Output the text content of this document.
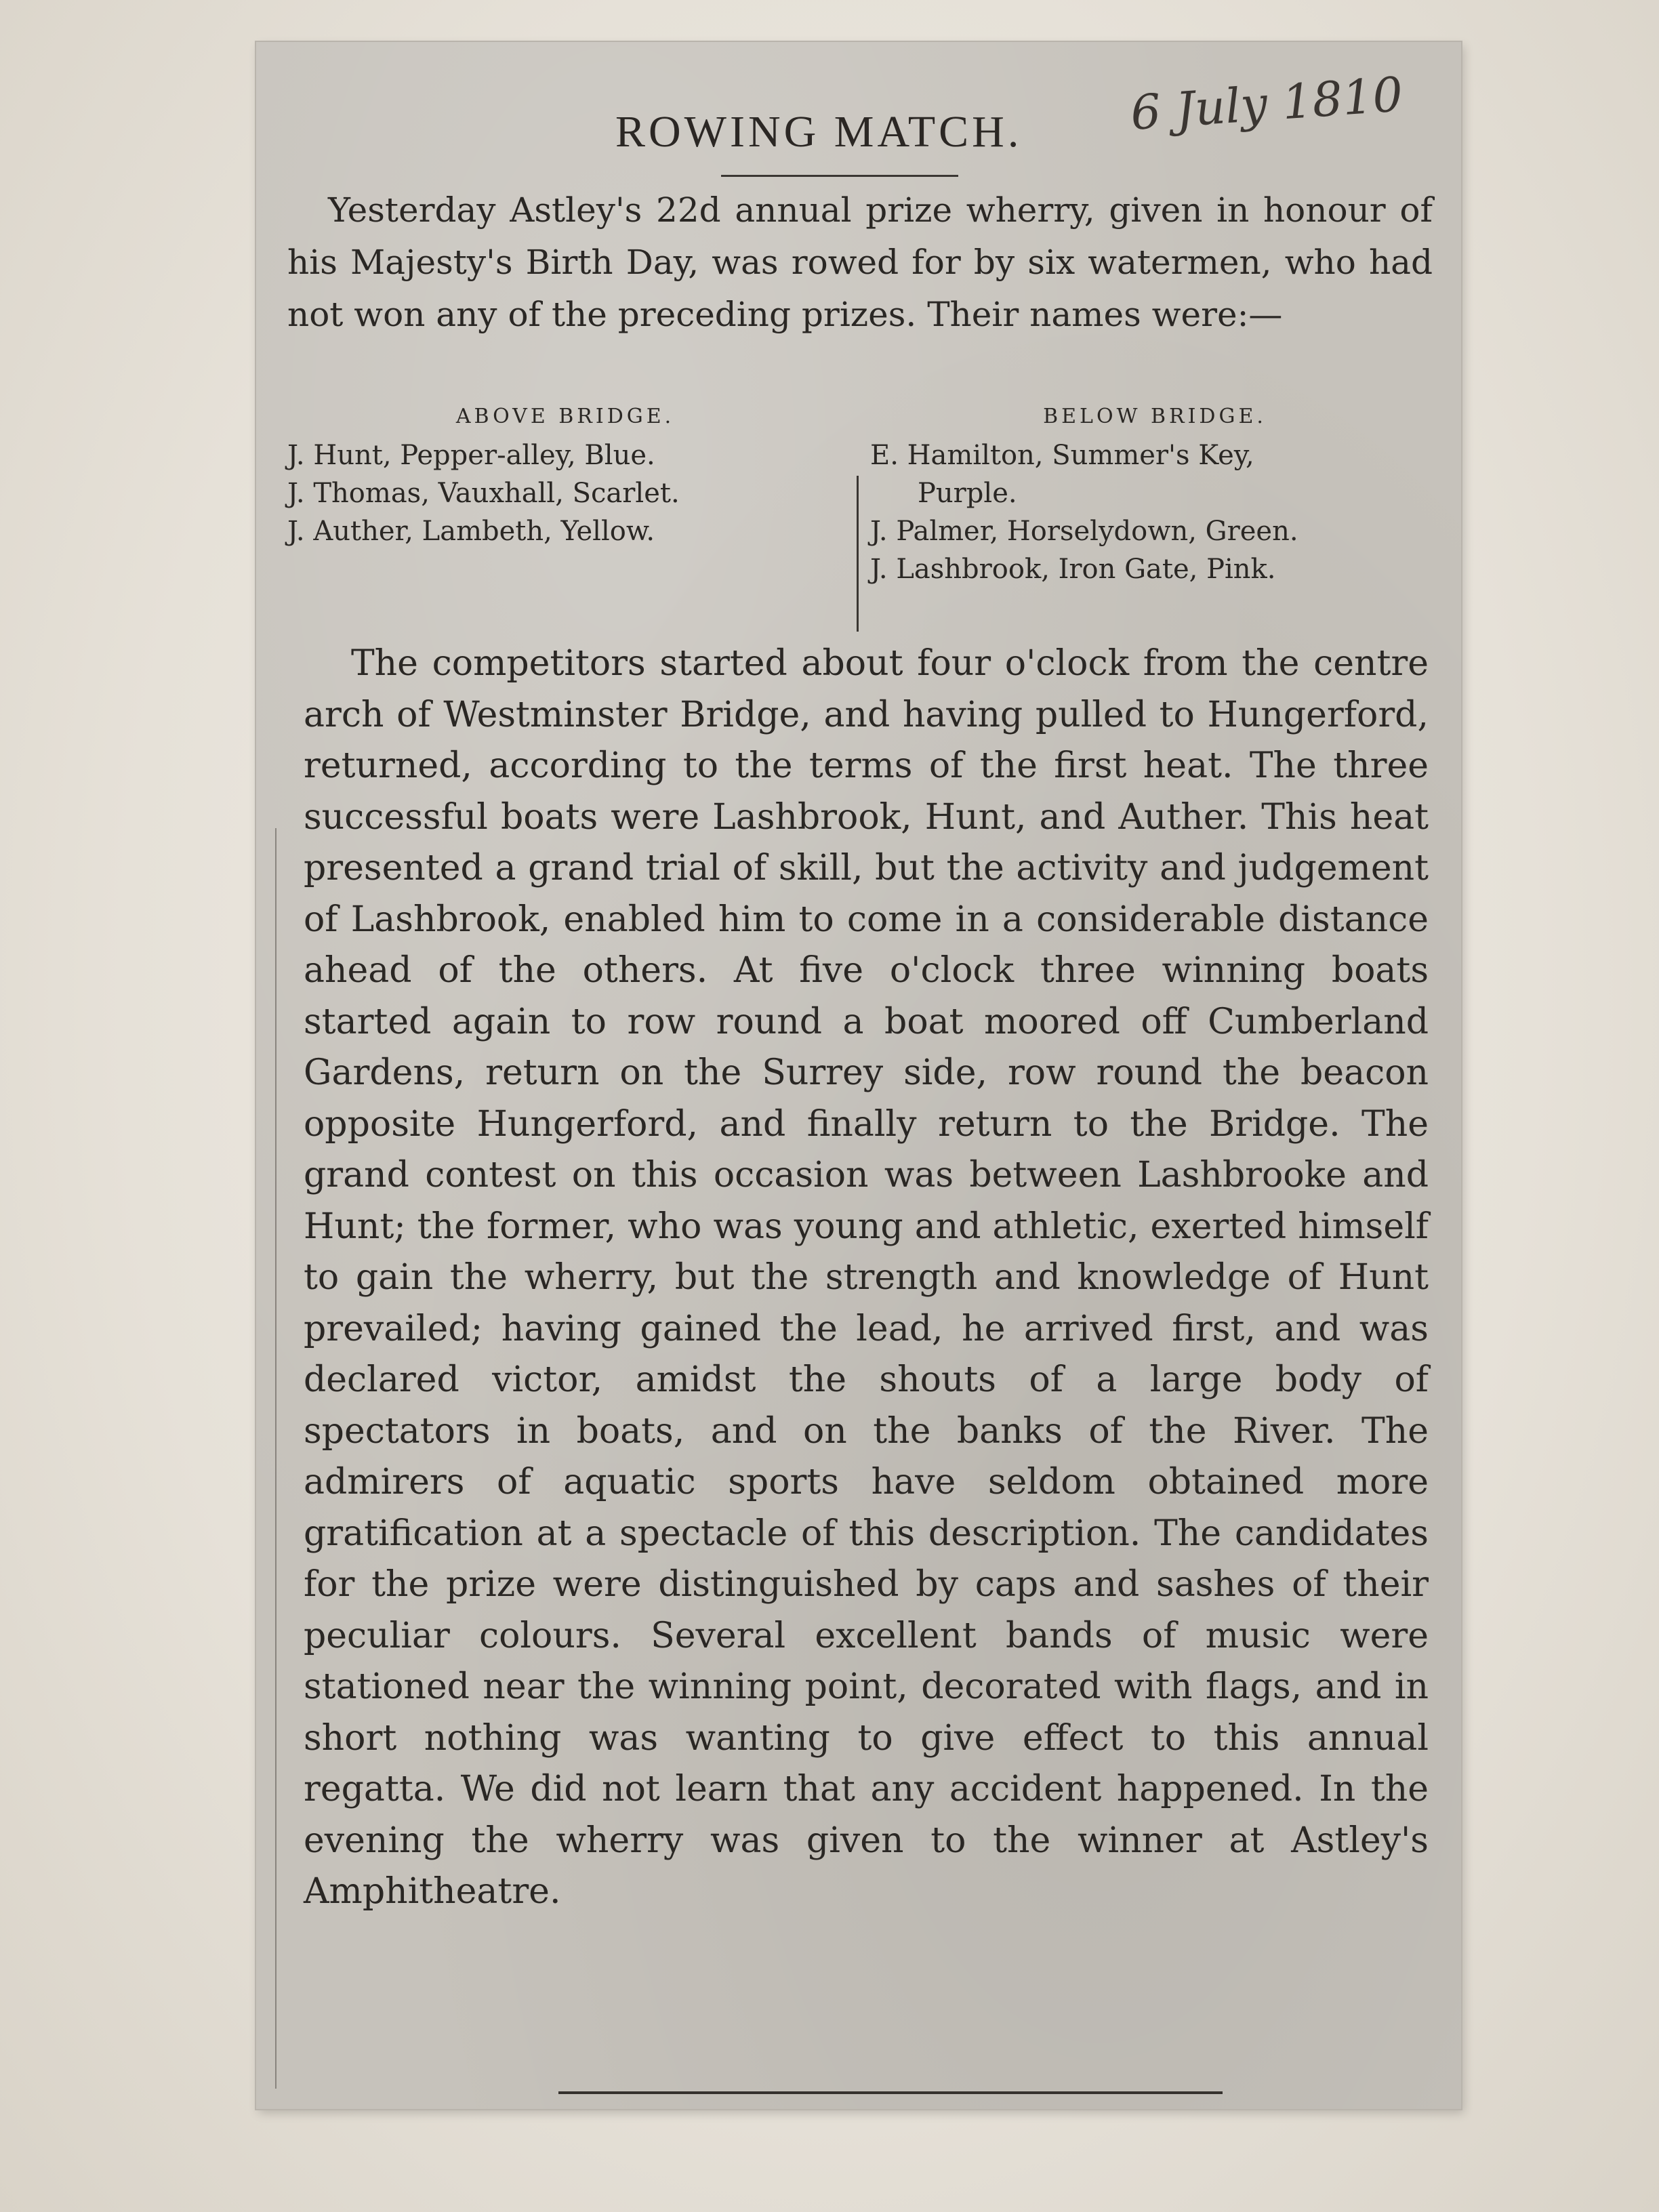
ROWING MATCH. 6 July 1810

Yesterday Astley's 22d annual prize wherry, given in honour of his Majesty's Birth Day, was rowed for by six watermen, who had not won any of the preceding prizes. Their names were:—

ABOVE BRIDGE.
J. Hunt, Pepper-alley, Blue.
J. Thomas, Vauxhall, Scarlet.
J. Auther, Lambeth, Yellow.
BELOW BRIDGE.
E. Hamilton, Summer's Key,
Purple.
J. Palmer, Horselydown, Green.
J. Lashbrook, Iron Gate, Pink.

The competitors started about four o'clock from the centre arch of Westminster Bridge, and having pulled to Hungerford, returned, according to the terms of the first heat. The three successful boats were Lashbrook, Hunt, and Auther. This heat presented a grand trial of skill, but the activity and judgement of Lashbrook, enabled him to come in a considerable distance ahead of the others. At five o'clock three winning boats started again to row round a boat moored off Cumberland Gardens, return on the Surrey side, row round the beacon opposite Hungerford, and finally return to the Bridge. The grand contest on this occasion was between Lashbrooke and Hunt; the former, who was young and athletic, exerted himself to gain the wherry, but the strength and knowledge of Hunt prevailed; having gained the lead, he arrived first, and was declared victor, amidst the shouts of a large body of spectators in boats, and on the banks of the River. The admirers of aquatic sports have seldom obtained more gratification at a spectacle of this description. The candidates for the prize were distinguished by caps and sashes of their peculiar colours. Several excellent bands of music were stationed near the winning point, decorated with flags, and in short nothing was wanting to give effect to this annual regatta. We did not learn that any accident happened. In the evening the wherry was given to the winner at Astley's Amphitheatre.
